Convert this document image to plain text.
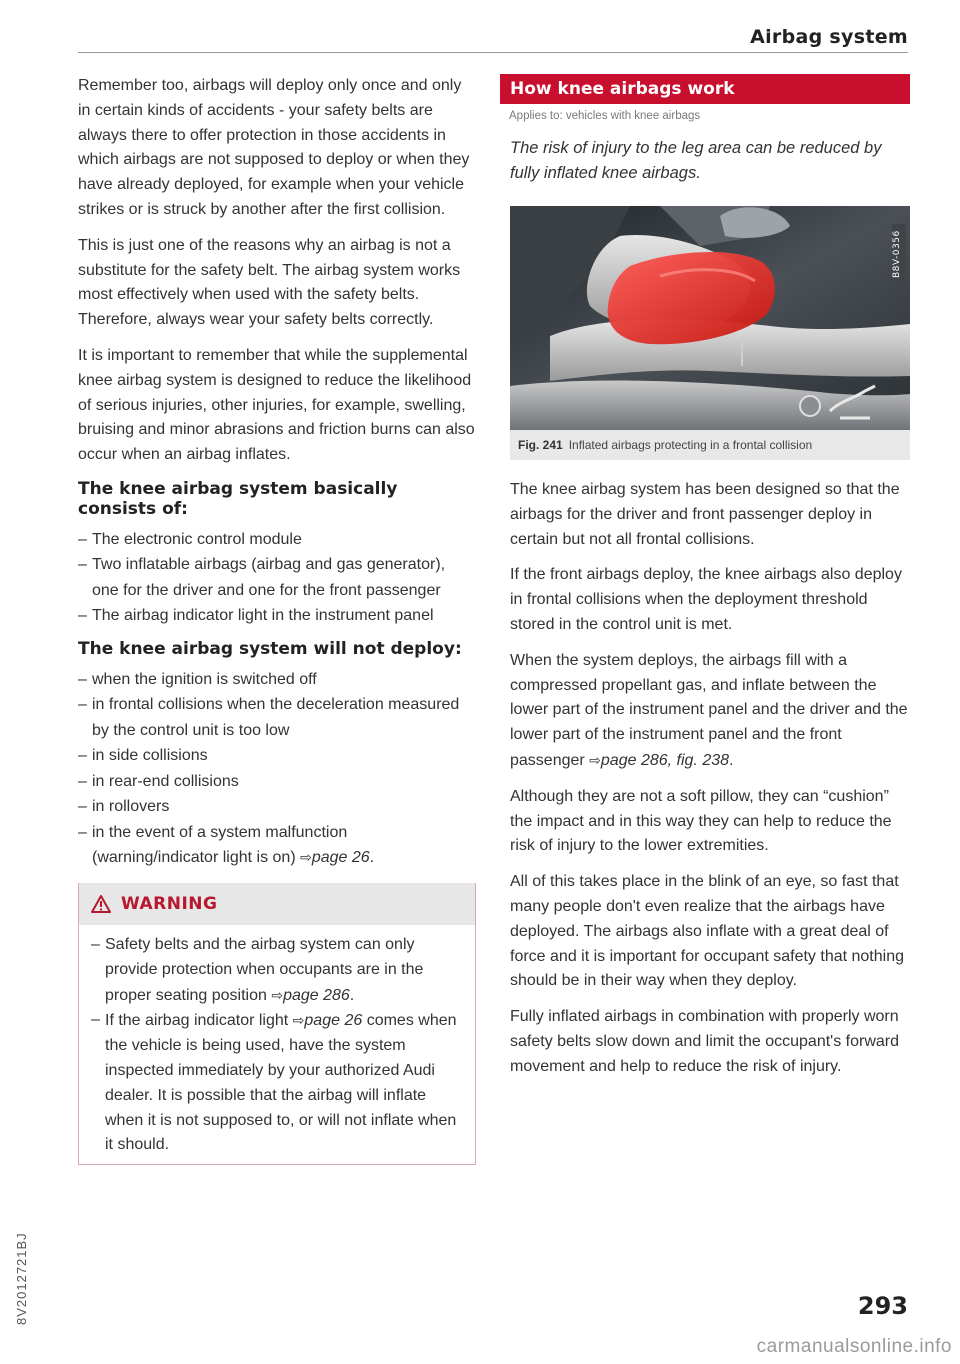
Airbag system

Remember too, airbags will deploy only once and only in certain kinds of accidents - your safety belts are always there to offer protection in those accidents in which airbags are not supposed to deploy or when they have already deployed, for example when your vehicle strikes or is struck by another after the first collision.

This is just one of the reasons why an airbag is not a substitute for the safety belt. The airbag system works most effectively when used with the safety belts. Therefore, always wear your safety belts correctly.

It is important to remember that while the supplemental knee airbag system is designed to reduce the likelihood of serious injuries, other injuries, for example, swelling, bruising and minor abrasions and friction burns can also occur when an airbag inflates.

The knee airbag system basically consists of:
– The electronic control module
– Two inflatable airbags (airbag and gas generator), one for the driver and one for the front passenger
– The airbag indicator light in the instrument panel
The knee airbag system will not deploy:
– when the ignition is switched off
– in frontal collisions when the deceleration measured by the control unit is too low
– in side collisions
– in rear-end collisions
– in rollovers
– in the event of a system malfunction (warning/indicator light is on) ⇨page 26.
WARNING
– Safety belts and the airbag system can only provide protection when occupants are in the proper seating position ⇨page 286.
– If the airbag indicator light ⇨page 26 comes when the vehicle is being used, have the system inspected immediately by your authorized Audi dealer. It is possible that the airbag will inflate when it is not supposed to, or will not inflate when it should.
How knee airbags work
Applies to: vehicles with knee airbags

The risk of injury to the leg area can be reduced by fully inflated knee airbags.

B8V-0356
Fig. 241 Inflated airbags protecting in a frontal collision

The knee airbag system has been designed so that the airbags for the driver and front passenger deploy in certain but not all frontal collisions.

If the front airbags deploy, the knee airbags also deploy in frontal collisions when the deployment threshold stored in the control unit is met.

When the system deploys, the airbags fill with a compressed propellant gas, and inflate between the lower part of the instrument panel and the driver and the lower part of the instrument panel and the front passenger ⇨page 286, fig. 238.

Although they are not a soft pillow, they can “cushion” the impact and in this way they can help to reduce the risk of injury to the lower extremities.

All of this takes place in the blink of an eye, so fast that many people don't even realize that the airbags have deployed. The airbags also inflate with a great deal of force and it is important for occupant safety that nothing should be in their way when they deploy.

Fully inflated airbags in combination with properly worn safety belts slow down and limit the occupant's forward movement and help to reduce the risk of injury.

293
8V2012721BJ
carmanualsonline.info
